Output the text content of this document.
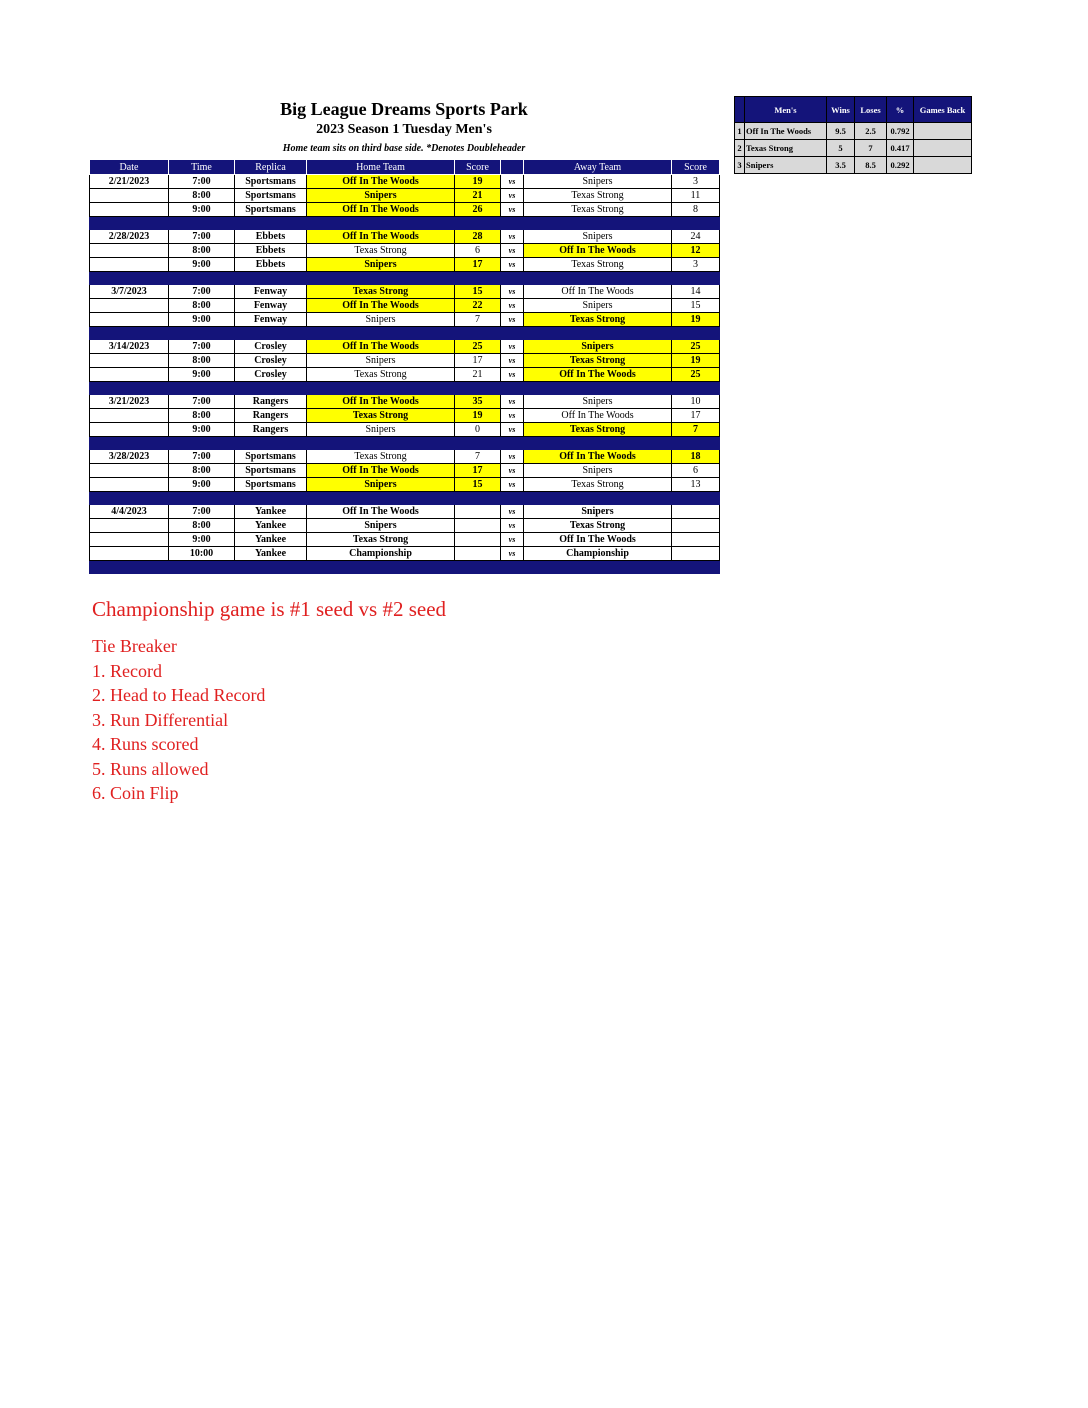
Big League Dreams Sports Park
2023 Season 1 Tuesday Men's

Home team sits on third base side. *Denotes Doubleheader

Date	Time	Replica	Home Team	Score		Away Team	Score
2/21/2023	7:00	Sportsmans	Off In The Woods	19	vs	Snipers	3
	8:00	Sportsmans	Snipers	21	vs	Texas Strong	11
	9:00	Sportsmans	Off In The Woods	26	vs	Texas Strong	8

2/28/2023	7:00	Ebbets	Off In The Woods	28	vs	Snipers	24
	8:00	Ebbets	Texas Strong	6	vs	Off In The Woods	12
	9:00	Ebbets	Snipers	17	vs	Texas Strong	3

3/7/2023	7:00	Fenway	Texas Strong	15	vs	Off In The Woods	14
	8:00	Fenway	Off In The Woods	22	vs	Snipers	15
	9:00	Fenway	Snipers	7	vs	Texas Strong	19

3/14/2023	7:00	Crosley	Off In The Woods	25	vs	Snipers	25
	8:00	Crosley	Snipers	17	vs	Texas Strong	19
	9:00	Crosley	Texas Strong	21	vs	Off In The Woods	25

3/21/2023	7:00	Rangers	Off In The Woods	35	vs	Snipers	10
	8:00	Rangers	Texas Strong	19	vs	Off In The Woods	17
	9:00	Rangers	Snipers	0	vs	Texas Strong	7

3/28/2023	7:00	Sportsmans	Texas Strong	7	vs	Off In The Woods	18
	8:00	Sportsmans	Off In The Woods	17	vs	Snipers	6
	9:00	Sportsmans	Snipers	15	vs	Texas Strong	13

4/4/2023	7:00	Yankee	Off In The Woods		vs	Snipers	
	8:00	Yankee	Snipers		vs	Texas Strong	
	9:00	Yankee	Texas Strong		vs	Off In The Woods	
	10:00	Yankee	Championship		vs	Championship	

	Men's	Wins	Loses	%	Games Back
1	Off In The Woods	9.5	2.5	0.792	
2	Texas Strong	5	7	0.417	
3	Snipers	3.5	8.5	0.292	

Championship game is #1 seed vs #2 seed

Tie Breaker

1. Record
2. Head to Head Record
3. Run Differential
4. Runs scored
5. Runs allowed
6. Coin Flip
